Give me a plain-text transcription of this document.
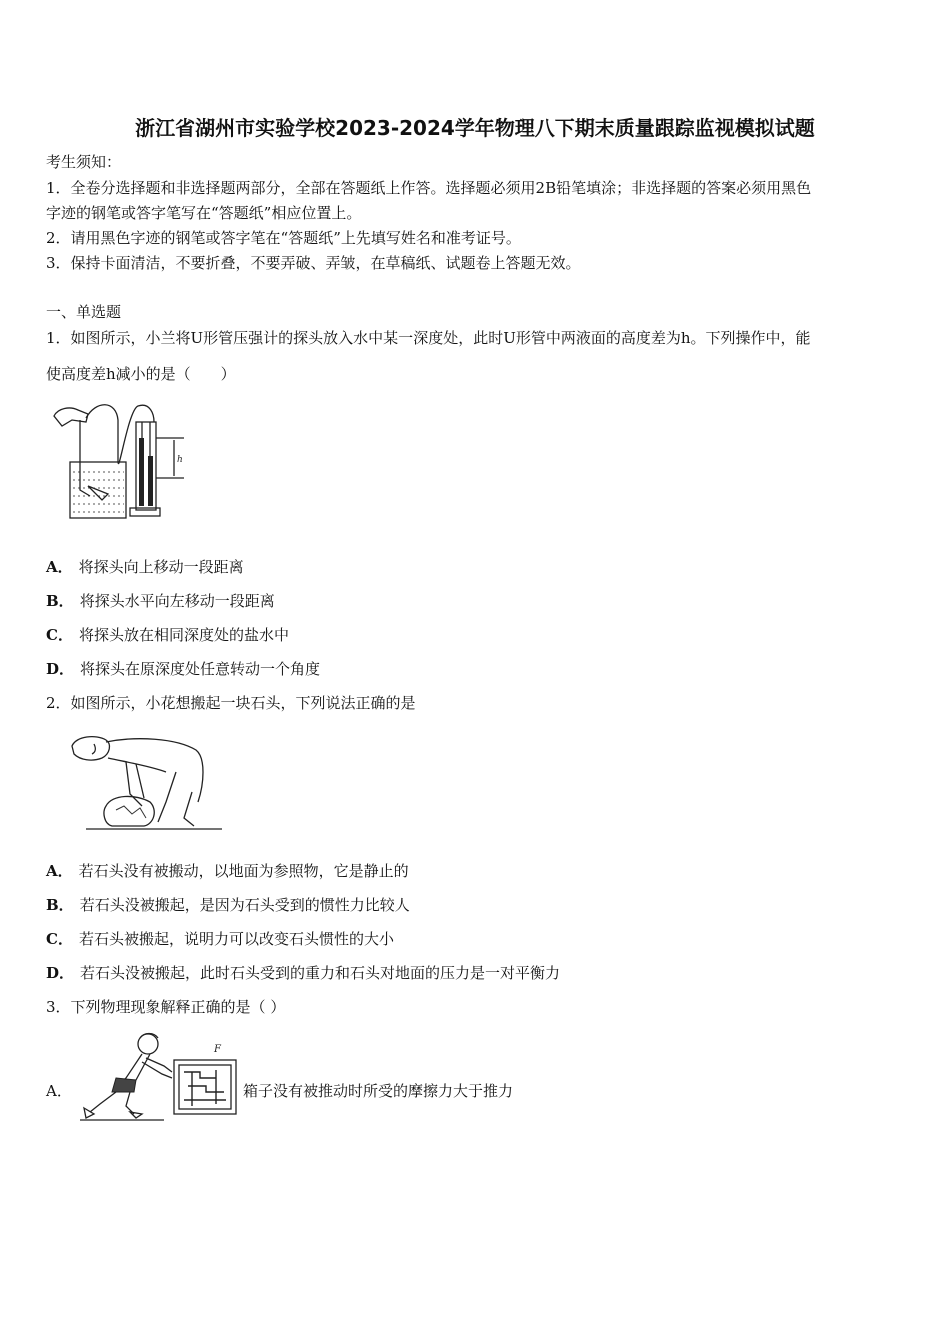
浙江省湖州市实验学校2023-2024学年物理八下期末质量跟踪监视模拟试题
考生须知：
1．全卷分选择题和非选择题两部分，全部在答题纸上作答。选择题必须用2B铅笔填涂；非选择题的答案必须用黑色
字迹的钢笔或答字笔写在“答题纸”相应位置上。
2．请用黑色字迹的钢笔或答字笔在“答题纸”上先填写姓名和准考证号。
3．保持卡面清洁，不要折叠，不要弄破、弄皱，在草稿纸、试题卷上答题无效。
一、单选题
1．如图所示，小兰将U形管压强计的探头放入水中某一深度处，此时U形管中两液面的高度差为h。下列操作中，能
使高度差h减小的是（　　）
h
A． 将探头向上移动一段距离
B． 将探头水平向左移动一段距离
C． 将探头放在相同深度处的盐水中
D． 将探头在原深度处任意转动一个角度
2．如图所示，小花想搬起一块石头，下列说法正确的是
A． 若石头没有被搬动，以地面为参照物，它是静止的
B． 若石头没被搬起，是因为石头受到的惯性力比较人
C． 若石头被搬起，说明力可以改变石头惯性的大小
D． 若石头没被搬起，此时石头受到的重力和石头对地面的压力是一对平衡力
3．下列物理现象解释正确的是（ ）
A．
F
箱子没有被推动时所受的摩擦力大于推力
